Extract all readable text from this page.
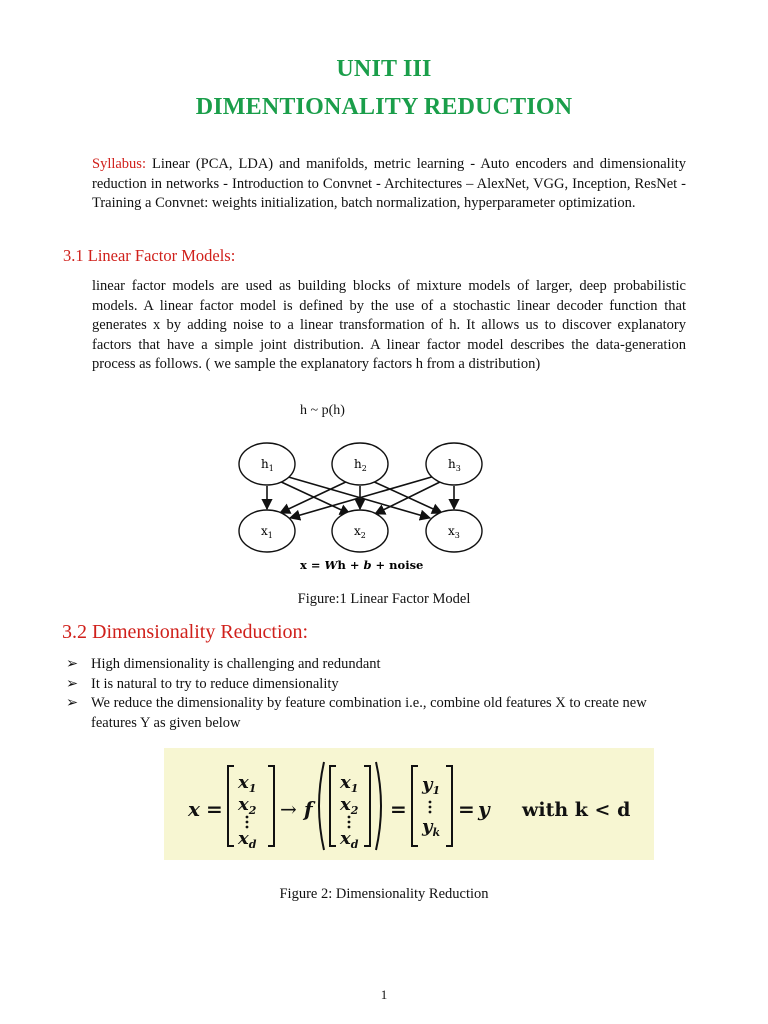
UNIT III
DIMENTIONALITY REDUCTION

Syllabus: Linear (PCA, LDA) and manifolds, metric learning - Auto encoders and dimensionality reduction in networks - Introduction to Convnet - Architectures – AlexNet, VGG, Inception, ResNet - Training a Convnet: weights initialization, batch normalization, hyperparameter optimization.

3.1 Linear Factor Models:

linear factor models are used as building blocks of mixture models of larger, deep probabilistic models. A linear factor model is defined by the use of a stochastic linear decoder function that generates x by adding noise to a linear transformation of h. It allows us to discover explanatory factors that have a simple joint distribution. A linear factor model describes the data-generation process as follows. ( we sample the explanatory factors h from a distribution)

h ~ p(h)

$h_1$	$h_2$	$h_3$
$x_1$	$x_2$	$x_3$
x = Wh + b + noise

Figure:1 Linear Factor Model

3.2 Dimensionality Reduction:
➢ High dimensionality is challenging and redundant
➢ It is natural to try to reduce dimensionality
➢ We reduce the dimensionality by feature combination i.e., combine old features X to create new features Y as given below
x =
$x_1$
$x_2$
$x_d$
→ f
$x_1$
$x_2$
$x_d$
=
$y_1$
$y_k$
= y with k < d

Figure 2: Dimensionality Reduction

1
